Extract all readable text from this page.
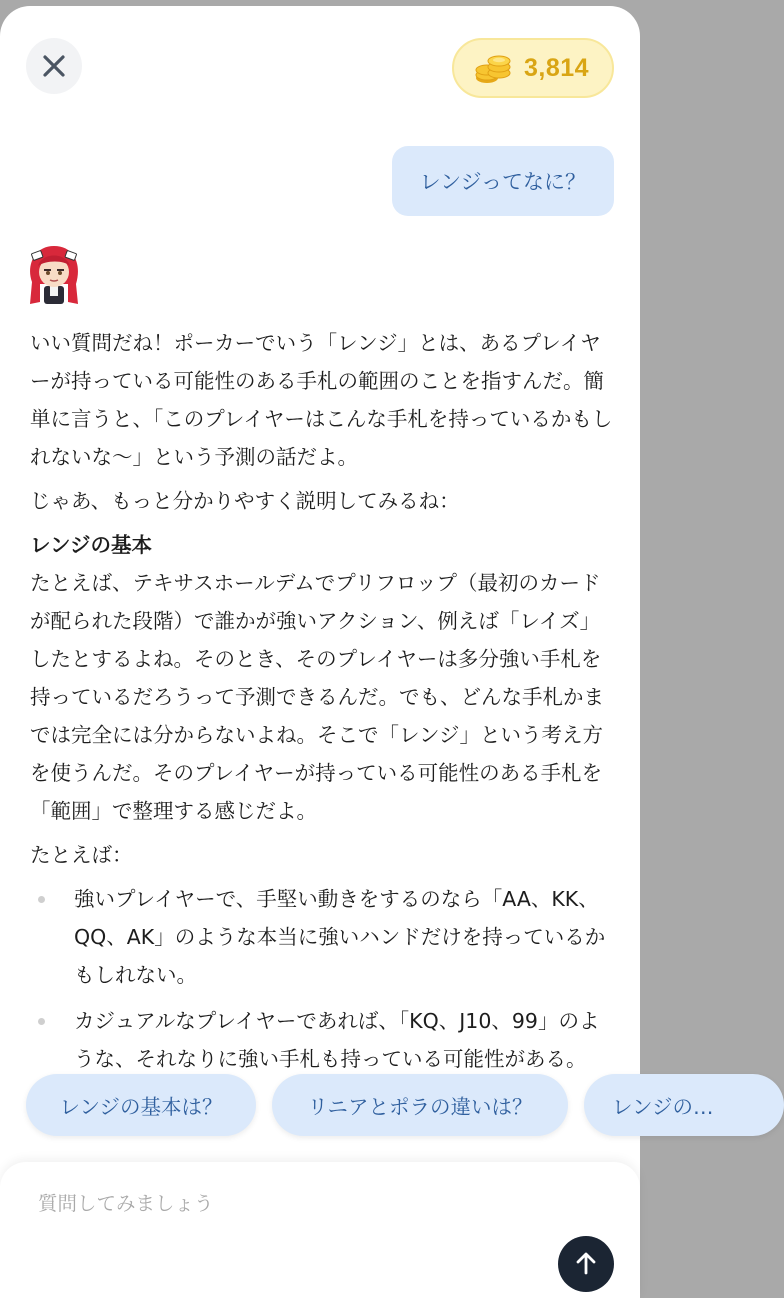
3,814
レンジってなに？

いい質問だね！ポーカーでいう「レンジ」とは、あるプレイヤーが持っている可能性のある手札の範囲のことを指すんだ。簡単に言うと、「このプレイヤーはこんな手札を持っているかもしれないな〜」という予測の話だよ。

じゃあ、もっと分かりやすく説明してみるね：

レンジの基本

たとえば、テキサスホールデムでプリフロップ（最初のカードが配られた段階）で誰かが強いアクション、例えば「レイズ」したとするよね。そのとき、そのプレイヤーは多分強い手札を持っているだろうって予測できるんだ。でも、どんな手札かまでは完全には分からないよね。そこで「レンジ」という考え方を使うんだ。そのプレイヤーが持っている可能性のある手札を「範囲」で整理する感じだよ。

たとえば：

強いプレイヤーで、手堅い動きをするのなら「AA、KK、QQ、AK」のような本当に強いハンドだけを持っているかもしれない。
カジュアルなプレイヤーであれば、「KQ、J10、99」のような、それなりに強い手札も持っている可能性がある。
レンジの基本は？	リニアとポラの違いは？	レンジの…
質問してみましょう
